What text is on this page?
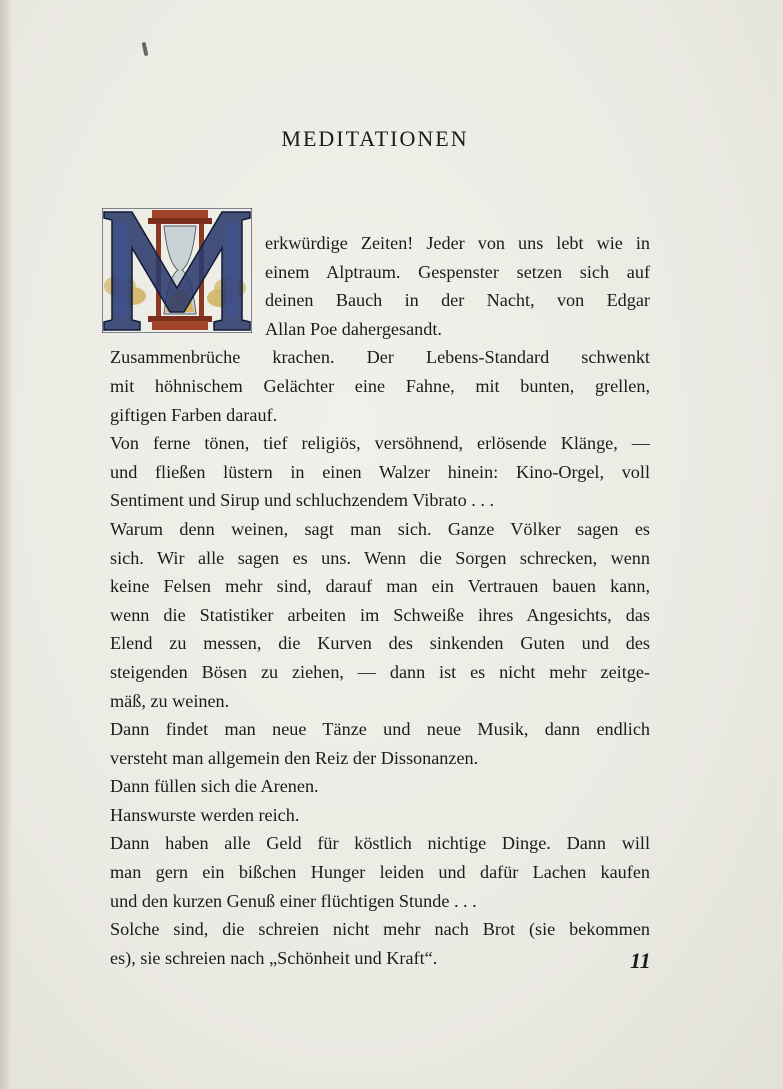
MEDITATIONEN
erkwürdige Zeiten! Jeder von uns lebt wie in
einem Alptraum. Gespenster setzen sich auf
deinen Bauch in der Nacht, von Edgar
Allan Poe dahergesandt.
Zusammenbrüche krachen. Der Lebens-Standard schwenkt
mit höhnischem Gelächter eine Fahne, mit bunten, grellen,
giftigen Farben darauf.
Von ferne tönen, tief religiös, versöhnend, erlösende Klänge, —
und fließen lüstern in einen Walzer hinein: Kino-Orgel, voll
Sentiment und Sirup und schluchzendem Vibrato . . .
Warum denn weinen, sagt man sich. Ganze Völker sagen es
sich. Wir alle sagen es uns. Wenn die Sorgen schrecken, wenn
keine Felsen mehr sind, darauf man ein Vertrauen bauen kann,
wenn die Statistiker arbeiten im Schweiße ihres Angesichts, das
Elend zu messen, die Kurven des sinkenden Guten und des
steigenden Bösen zu ziehen, — dann ist es nicht mehr zeitge-
mäß, zu weinen.
Dann findet man neue Tänze und neue Musik, dann endlich
versteht man allgemein den Reiz der Dissonanzen.
Dann füllen sich die Arenen.
Hanswurste werden reich.
Dann haben alle Geld für köstlich nichtige Dinge. Dann will
man gern ein bißchen Hunger leiden und dafür Lachen kaufen
und den kurzen Genuß einer flüchtigen Stunde . . .
Solche sind, die schreien nicht mehr nach Brot (sie bekommen
es), sie schreien nach „Schönheit und Kraft“.	11
